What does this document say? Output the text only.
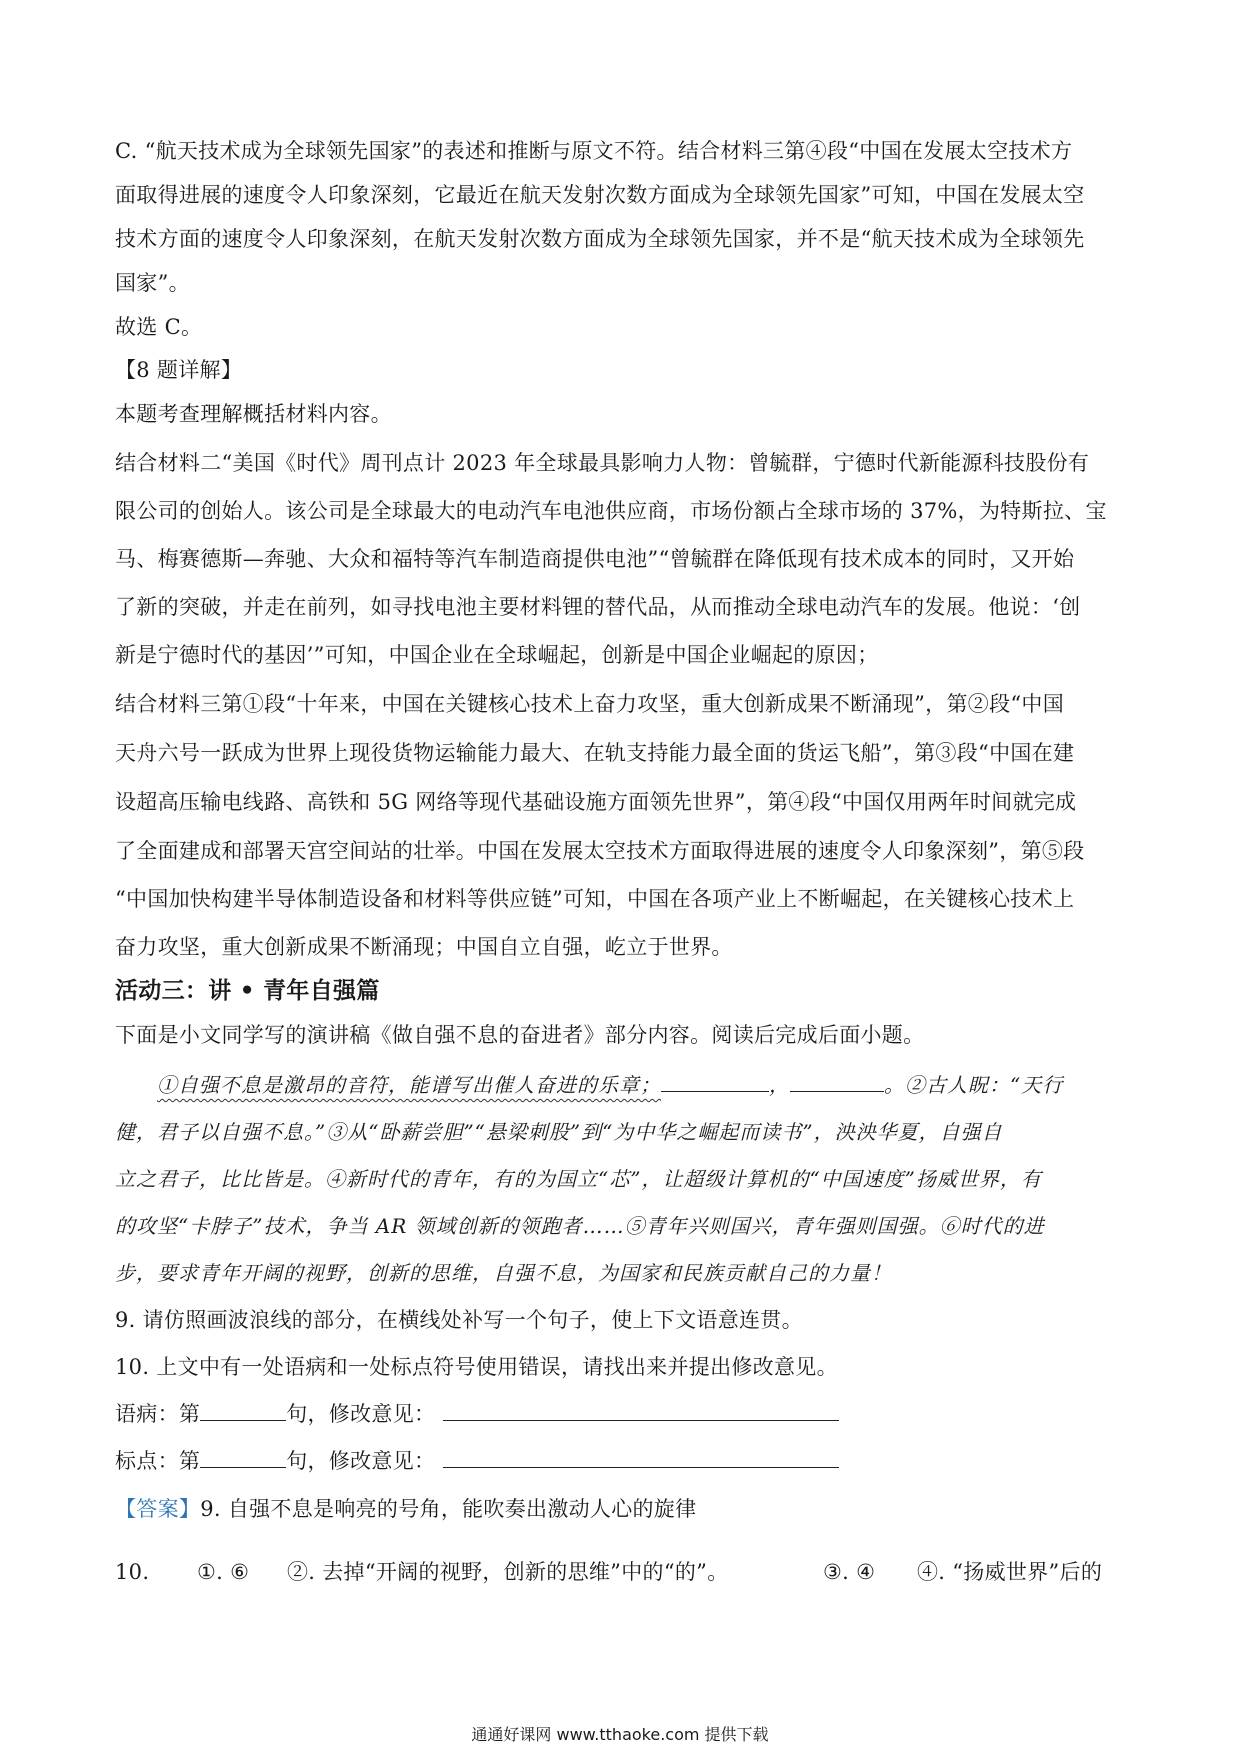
C. “航天技术成为全球领先国家”的表述和推断与原文不符。结合材料三第④段“中国在发展太空技术方
面取得进展的速度令人印象深刻，它最近在航天发射次数方面成为全球领先国家”可知，中国在发展太空
技术方面的速度令人印象深刻，在航天发射次数方面成为全球领先国家，并不是“航天技术成为全球领先
国家”。
故选 C。
【8 题详解】
本题考查理解概括材料内容。
结合材料二“美国《时代》周刊点计 2023 年全球最具影响力人物：曾毓群，宁德时代新能源科技股份有
限公司的创始人。该公司是全球最大的电动汽车电池供应商，市场份额占全球市场的 37%，为特斯拉、宝
马、梅赛德斯—奔驰、大众和福特等汽车制造商提供电池”“曾毓群在降低现有技术成本的同时，又开始
了新的突破，并走在前列，如寻找电池主要材料锂的替代品，从而推动全球电动汽车的发展。他说：‘创
新是宁德时代的基因’”可知，中国企业在全球崛起，创新是中国企业崛起的原因；
结合材料三第①段“十年来，中国在关键核心技术上奋力攻坚，重大创新成果不断涌现”，第②段“中国
天舟六号一跃成为世界上现役货物运输能力最大、在轨支持能力最全面的货运飞船”，第③段“中国在建
设超高压输电线路、高铁和 5G 网络等现代基础设施方面领先世界”，第④段“中国仅用两年时间就完成
了全面建成和部署天宫空间站的壮举。中国在发展太空技术方面取得进展的速度令人印象深刻”，第⑤段
“中国加快构建半导体制造设备和材料等供应链”可知，中国在各项产业上不断崛起，在关键核心技术上
奋力攻坚，重大创新成果不断涌现；中国自立自强，屹立于世界。
活动三：讲 • 青年自强篇
下面是小文同学写的演讲稿《做自强不息的奋进者》部分内容。阅读后完成后面小题。
①自强不息是激昂的音符，能谱写出催人奋进的乐章；	，	。②古人眖：“天行
健，君子以自强不息。”③从“卧薪尝胆”“悬梁刺股”到“为中华之崛起而读书”，泱泱华夏，自强自
立之君子，比比皆是。④新时代的青年，有的为国立“芯”，让超级计算机的“中国速度”扬威世界，有
的攻坚“卡脖子”技术，争当 AR 领域创新的领跑者……⑤青年兴则国兴，青年强则国强。⑥时代的进
步，要求青年开阔的视野，创新的思维，自强不息，为国家和民族贡献自己的力量！
9. 请仿照画波浪线的部分，在横线处补写一个句子，使上下文语意连贯。
10. 上文中有一处语病和一处标点符号使用错误，请找出来并提出修改意见。
语病：第	句，修改意见：
标点：第	句，修改意见：
【答案】9. 自强不息是响亮的号角，能吹奏出激动人心的旋律
10. ①. ⑥ ②. 去掉“开阔的视野，创新的思维”中的“的”。	③. ④ ④. “扬威世界”后的
通通好课网 www.tthaoke.com 提供下载
